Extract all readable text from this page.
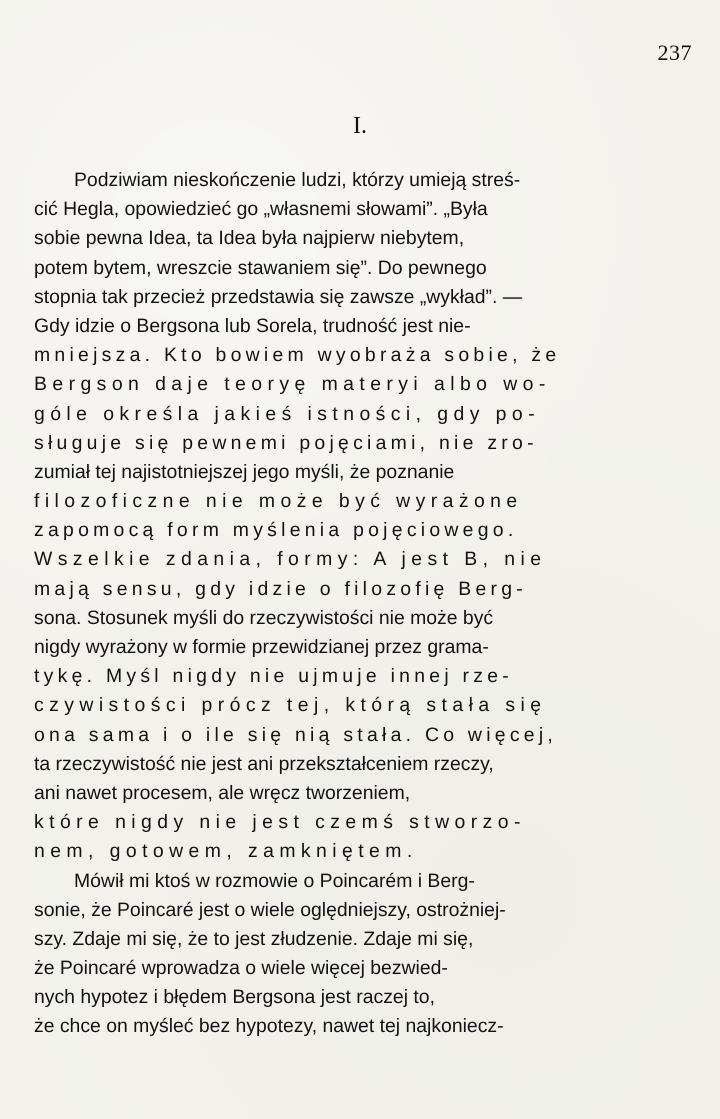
237
I.
Podziwiam nieskończenie ludzi, którzy umieją streś-
cić Hegla, opowiedzieć go „własnemi słowami”. „Była
sobie pewna Idea, ta Idea była najpierw niebytem,
potem bytem, wreszcie stawaniem się”. Do pewnego
stopnia tak przecież przedstawia się zawsze „wykład”. —
Gdy idzie o Bergsona lub Sorela, trudność jest nie-
mniejsza. Kto bowiem wyobraża sobie, że
Bergson daje teoryę materyi albo wo-
góle określa jakieś istności, gdy po-
sługuje się pewnemi pojęciami, nie zro-
zumiał tej najistotniejszej jego myśli, że poznanie
filozoficzne nie może być wyrażone
zapomocą form myślenia pojęciowego.
Wszelkie zdania, formy: A jest B, nie
mają sensu, gdy idzie o filozofię Berg-
sona. Stosunek myśli do rzeczywistości nie może być
nigdy wyrażony w formie przewidzianej przez grama-
tykę. Myśl nigdy nie ujmuje innej rze-
czywistości prócz tej, którą stała się
ona sama i o ile się nią stała. Co więcej,
ta rzeczywistość nie jest ani przekształceniem rzeczy,
ani nawet procesem, ale wręcz tworzeniem,
które nigdy nie jest czemś stworzo-
nem, gotowem, zamkniętem.
Mówił mi ktoś w rozmowie o Poincarém i Berg-
sonie, że Poincaré jest o wiele oględniejszy, ostrożniej-
szy. Zdaje mi się, że to jest złudzenie. Zdaje mi się,
że Poincaré wprowadza o wiele więcej bezwied-
nych hypotez i błędem Bergsona jest raczej to,
że chce on myśleć bez hypotezy, nawet tej najkoniecz-
